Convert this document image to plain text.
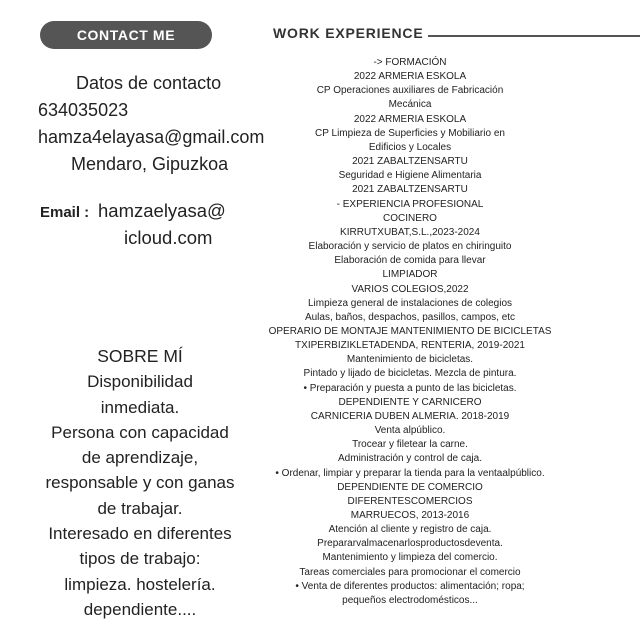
CONTACT ME	WORK EXPERIENCE
Datos de contacto
634035023
hamza4elayasa@gmail.com
Mendaro, Gipuzkoa
Email : hamzaelyasa@
icloud.com
SOBRE MÍ
Disponibilidad
inmediata.
Persona con capacidad
de aprendizaje,
responsable y con ganas
de trabajar.
Interesado en diferentes
tipos de trabajo:
limpieza. hostelería.
dependiente....
-> FORMACIÓN
2022 ARMERIA ESKOLA
CP Operaciones auxiliares de Fabricación
Mecánica
2022 ARMERIA ESKOLA
CP Limpieza de Superficies y Mobiliario en
Edificios y Locales
2021 ZABALTZENSARTU
Seguridad e Higiene Alimentaria
2021 ZABALTZENSARTU
- EXPERIENCIA PROFESIONAL
COCINERO
KIRRUTXUBAT,S.L.,2023-2024
Elaboración y servicio de platos en chiringuito
Elaboración de comida para llevar
LIMPIADOR
VARIOS COLEGIOS,2022
Limpieza general de instalaciones de colegios
Aulas, baños, despachos, pasillos, campos, etc
OPERARIO DE MONTAJE MANTENIMIENTO DE BICICLETAS
TXIPERBIZIKLETADENDA, RENTERIA, 2019-2021
Mantenimiento de bicicletas.
Pintado y lijado de bicicletas. Mezcla de pintura.
• Preparación y puesta a punto de las bicicletas.
DEPENDIENTE Y CARNICERO
CARNICERIA DUBEN ALMERIA. 2018-2019
Venta alpúblico.
Trocear y filetear la carne.
Administración y control de caja.
• Ordenar, limpiar y preparar la tienda para la ventaalpúblico.
DEPENDIENTE DE COMERCIO
DIFERENTESCOMERCIOS
MARRUECOS, 2013-2016
Atención al cliente y registro de caja.
Prepararvalmacenarlosproductosdeventa.
Mantenimiento y limpieza del comercio.
Tareas comerciales para promocionar el comercio
• Venta de diferentes productos: alimentación; ropa;
pequeños electrodomésticos...
